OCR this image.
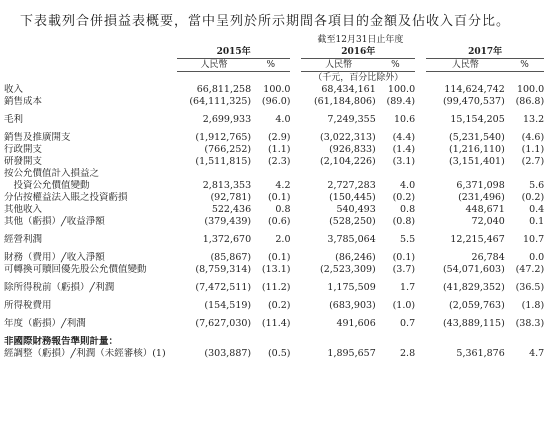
下表載列合併損益表概要，當中呈列於所示期間各項目的金額及佔收入百分比。
		截至12月31日止年度								
		2015年			2016年			2017年		
		人民幣	%		人民幣	%		人民幣	%	
					（千元，百分比除外）					
收入		66,811,258	100.0		68,434,161	100.0		114,624,742	100.0	
銷售成本		(64,111,325)	(96.0)		(61,184,806)	(89.4)		(99,470,537)	(86.8)	

毛利		2,699,933	4.0		7,249,355	10.6		15,154,205	13.2	

銷售及推廣開支		(1,912,765)	(2.9)		(3,022,313)	(4.4)		(5,231,540)	(4.6)	
行政開支		(766,252)	(1.1)		(926,833)	(1.4)		(1,216,110)	(1.1)	
研發開支		(1,511,815)	(2.3)		(2,104,226)	(3.1)		(3,151,401)	(2.7)	
按公允價值計入損益之										
　投資公允價值變動		2,813,353	4.2		2,727,283	4.0		6,371,098	5.6	
分佔按權益法入賬之投資虧損		(92,781)	(0.1)		(150,445)	(0.2)		(231,496)	(0.2)	
其他收入		522,436	0.8		540,493	0.8		448,671	0.4	
其他（虧損）╱收益淨額		(379,439)	(0.6)		(528,250)	(0.8)		72,040	0.1	

經營利潤		1,372,670	2.0		3,785,064	5.5		12,215,467	10.7	

財務（費用）╱收入淨額		(85,867)	(0.1)		(86,246)	(0.1)		26,784	0.0	
可轉換可贖回優先股公允價值變動		(8,759,314)	(13.1)		(2,523,309)	(3.7)		(54,071,603)	(47.2)	

除所得稅前（虧損）╱利潤		(7,472,511)	(11.2)		1,175,509	1.7		(41,829,352)	(36.5)	

所得稅費用		(154,519)	(0.2)		(683,903)	(1.0)		(2,059,763)	(1.8)	

年度（虧損）╱利潤		(7,627,030)	(11.4)		491,606	0.7		(43,889,115)	(38.3)	

非國際財務報告準則計量：										
經調整（虧損）╱利潤（未經審核）(1)		(303,887)	(0.5)		1,895,657	2.8		5,361,876	4.7	
